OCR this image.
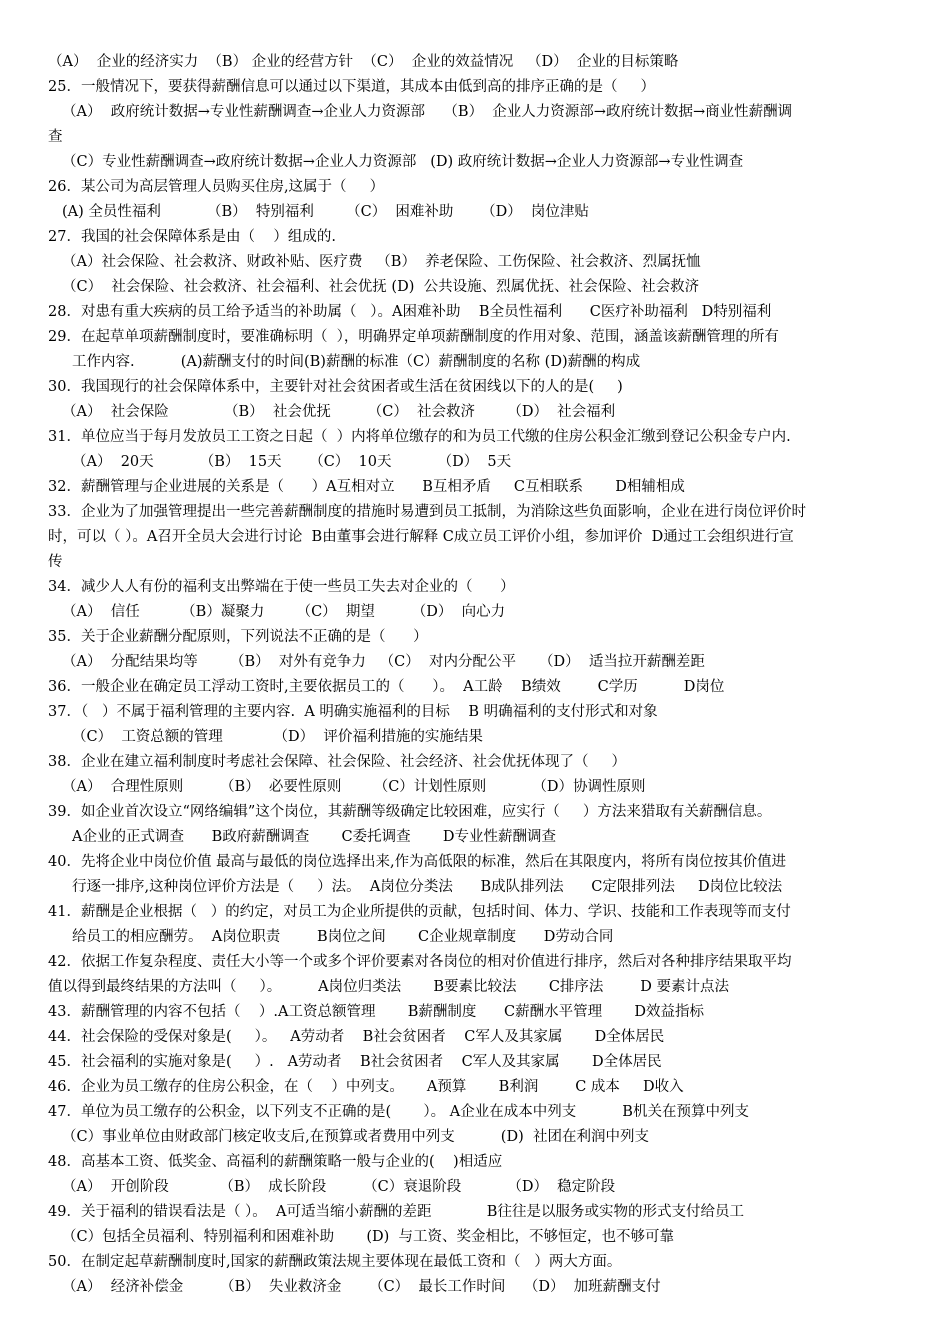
（A）  企业的经济实力  （B） 企业的经营方针  （C）  企业的效益情况   （D）  企业的目标策略
25．一般情况下，要获得薪酬信息可以通过以下渠道，其成本由低到高的排序正确的是（     ）
（A）  政府统计数据→专业性薪酬调查→企业人力资源部    （B）  企业人力资源部→政府统计数据→商业性薪酬调
查
（C）专业性薪酬调查→政府统计数据→企业人力资源部   (D) 政府统计数据→企业人力资源部→专业性调查
26．某公司为高层管理人员购买住房,这属于（     ）
(A) 全员性福利          （B）  特别福利       （C）  困难补助      （D）  岗位津贴
27．我国的社会保障体系是由（    ）组成的.
（A）社会保险、社会救济、财政补贴、医疗费   （B）  养老保险、工伤保险、社会救济、烈属抚恤
（C）  社会保险、社会救济、社会福利、社会优抚 (D)  公共设施、烈属优抚、社会保险、社会救济
28．对患有重大疾病的员工给予适当的补助属（   ）。A困难补助    B全员性福利      C医疗补助福利   D特别福利
29．在起草单项薪酬制度时，要准确标明（  ），明确界定单项薪酬制度的作用对象、范围，涵盖该薪酬管理的所有
工作内容.          (A)薪酬支付的时间(B)薪酬的标准（C）薪酬制度的名称 (D)薪酬的构成
30．我国现行的社会保障体系中，主要针对社会贫困者或生活在贫困线以下的人的是(     )
（A）  社会保险            （B）  社会优抚        （C）  社会救济       （D）  社会福利
31．单位应当于每月发放员工工资之日起（  ）内将单位缴存的和为员工代缴的住房公积金汇缴到登记公积金专户内.
（A）  20天          （B）  15天      （C）  10天          （D）  5天
32．薪酬管理与企业进展的关系是（      ）A互相对立      B互相矛盾     C互相联系       D相辅相成
33．企业为了加强管理提出一些完善薪酬制度的措施时易遭到员工抵制，为消除这些负面影响，企业在进行岗位评价时
时，可以（ ）。A召开全员大会进行讨论  B由董事会进行解释 C成立员工评价小组，参加评价  D通过工会组织进行宣
传
34．减少人人有份的福利支出弊端在于使一些员工失去对企业的（      ）
（A）  信任         （B）凝聚力       （C）  期望        （D）  向心力
35．关于企业薪酬分配原则，下列说法不正确的是（      ）
（A）  分配结果均等       （B）  对外有竞争力   （C）  对内分配公平     （D）  适当拉开薪酬差距
36．一般企业在确定员工浮动工资时,主要依据员工的（      ）。  A工龄    B绩效        C学历          D岗位
37．（   ）不属于福利管理的主要内容.  A 明确实施福利的目标    B 明确福利的支付形式和对象
（C）  工资总额的管理           （D）  评价福利措施的实施结果
38．企业在建立福利制度时考虑社会保障、社会保险、社会经济、社会优抚体现了（     ）
（A）  合理性原则        （B）  必要性原则       （C）计划性原则          （D）协调性原则
39．如企业首次设立“网络编辑”这个岗位，其薪酬等级确定比较困难，应实行（     ）方法来猎取有关薪酬信息。
A企业的正式调查      B政府薪酬调查       C委托调查       D专业性薪酬调查
40．先将企业中岗位价值 最高与最低的岗位选择出来,作为高低限的标准，然后在其限度内，将所有岗位按其价值进
行逐一排序,这种岗位评价方法是（     ）法。  A岗位分类法      B成队排列法      C定限排列法     D岗位比较法
41．薪酬是企业根据（   ）的约定，对员工为企业所提供的贡献，包括时间、体力、学识、技能和工作表现等而支付
给员工的相应酬劳。  A岗位职责        B岗位之间       C企业规章制度      D劳动合同
42．依据工作复杂程度、责任大小等一个或多个评价要素对各岗位的相对价值进行排序，然后对各种排序结果取平均
值以得到最终结果的方法叫（     ）。        A岗位归类法       B要素比较法       C排序法        D 要素计点法
43．薪酬管理的内容不包括（    ）.A工资总额管理       B薪酬制度      C薪酬水平管理       D效益指标
44．社会保险的受保对象是(     ）。   A劳动者    B社会贫困者    C军人及其家属       D全体居民
45．社会福利的实施对象是(     ）.   A劳动者    B社会贫困者    C军人及其家属       D全体居民
46．企业为员工缴存的住房公积金，在（    ）中列支。     A预算       B利润        C 成本     D收入
47．单位为员工缴存的公积金，以下列支不正确的是(       ）。 A企业在成本中列支          B机关在预算中列支
（C）事业单位由财政部门核定收支后,在预算或者费用中列支          (D)  社团在利润中列支
48．高基本工资、低奖金、高福利的薪酬策略一般与企业的(    )相适应
（A）  开创阶段           （B）  成长阶段        （C）衰退阶段          （D）  稳定阶段
49．关于福利的错误看法是（ ）。  A可适当缩小薪酬的差距            B往往是以服务或实物的形式支付给员工
（C）包括全员福利、特别福利和困难补助       (D)  与工资、奖金相比，不够恒定，也不够可靠
50．在制定起草薪酬制度时,国家的薪酬政策法规主要体现在最低工资和（   ）两大方面。
（A）  经济补偿金        （B）  失业救济金      （C）  最长工作时间    （D）  加班薪酬支付
